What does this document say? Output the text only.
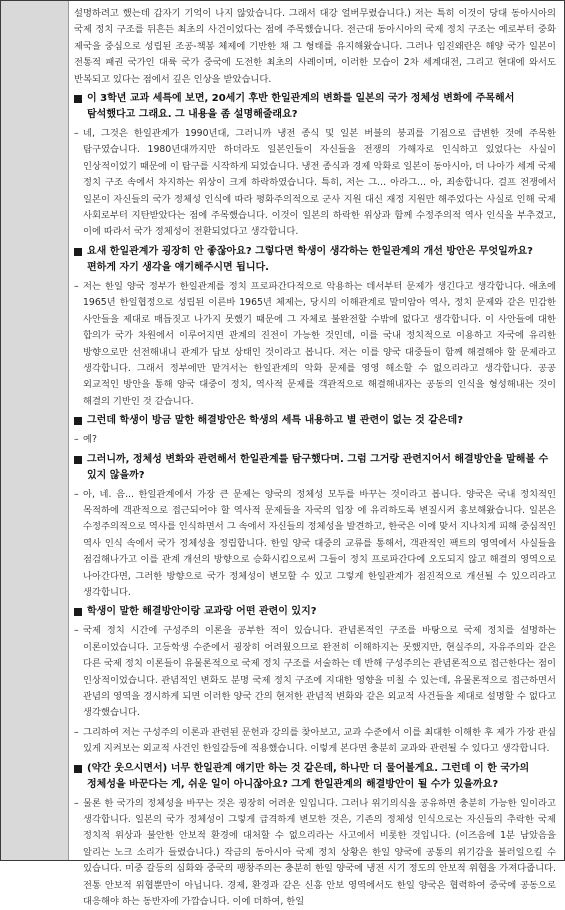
설명하려고 했는데 갑자기 기억이 나지 않았습니다. 그래서 대강 얼버무렸습니다.) 저는 특히 이것이 당대 동아시아의 국제 정치 구조를 뒤흔든 최초의 사건이었다는 점에 주목했습니다. 전근대 동아시아의 국제 정치 구조는 예로부터 중화 제국을 중심으로 성립된 조공-책봉 체제에 기반한 채 그 형태를 유지해왔습니다. 그러나 임진왜란은 해양 국가 일본이 전통적 패권 국가인 대륙 국가 중국에 도전한 최초의 사례이며, 이러한 모습이 2차 세계대전, 그리고 현대에 와서도 반복되고 있다는 점에서 깊은 인상을 받았습니다.

이 3학년 교과 세특에 보면, 20세기 후반 한일관계의 변화를 일본의 국가 정체성 변화에 주목해서 탐석했다고 그래요. 그 내용을 좀 설명해줄래요?
– 네, 그것은 한일관계가 1990년대, 그러니까 냉전 종식 및 일본 버블의 붕괴를 기점으로 급변한 것에 주목한 탐구였습니다. 1980년대까지만 하더라도 일본인들이 자신들을 전쟁의 가해자로 인식하고 있었다는 사실이 인상적이었기 때문에 이 탐구를 시작하게 되었습니다. 냉전 종식과 경제 악화로 일본이 동아시아, 더 나아가 세계 국제 정치 구조 속에서 차지하는 위상이 크게 하락하였습니다. 특히, 저는 그... 아라그... 아, 죄송합니다. 걸프 전쟁에서 일본이 자신들의 국가 정체성 인식에 따라 평화주의적으로 군사 지원 대신 재정 지원만 해주었다는 사실로 인해 국제 사회로부터 지탄받았다는 점에 주목했습니다. 이것이 일본의 하락한 위상과 함께 수정주의적 역사 인식을 부추겼고, 이에 따라서 국가 정체성이 전환되었다고 생각합니다.
요새 한일관계가 굉장히 안 좋잖아요? 그렇다면 학생이 생각하는 한일관계의 개선 방안은 무엇일까요? 편하게 자기 생각을 얘기해주시면 됩니다.
– 저는 한일 양국 정부가 한일관계를 정치 프로파간다적으로 악용하는 데서부터 문제가 생긴다고 생각합니다. 애초에 1965년 한일협정으로 성립된 이른바 1965년 체제는, 당시의 이해관계로 말미암아 역사, 정치 문제와 같은 민감한 사안들을 제대로 매듭짓고 나가지 못했기 때문에 그 자체로 불완전할 수밖에 없다고 생각합니다. 이 사안들에 대한 합의가 국가 차원에서 이루어지면 관계의 진전이 가능한 것인데, 이를 국내 정치적으로 이용하고 자국에 유리한 방향으로만 선전해내니 관계가 답보 상태인 것이라고 봅니다. 저는 이를 양국 대중들이 함께 해결해야 할 문제라고 생각합니다. 그래서 정부에만 맡겨서는 한일관계의 악화 문제를 영영 해소할 수 없으리라고 생각합니다. 공공 외교적인 방안을 통해 양국 대중이 정치, 역사적 문제를 객관적으로 해결해내자는 공동의 인식을 형성해내는 것이 해결의 기반인 것 같습니다.
그런데 학생이 방금 말한 해결방안은 학생의 세특 내용하고 별 관련이 없는 것 같은데?
– 예?
그러니까, 정체성 변화와 관련해서 한일관계를 탐구했다며. 그럼 그거랑 관련지어서 해결방안을 말해볼 수 있지 않을까?
– 아, 네. 음... 한일관계에서 가장 큰 문제는 양국의 정체성 모두를 바꾸는 것이라고 봅니다. 양국은 국내 정치적인 목적하에 객관적으로 접근되어야 할 역사적 문제들을 자국의 입장 에 유리하도록 변질시켜 홍보해왔습니다. 일본은 수정주의적으로 역사를 인식하면서 그 속에서 자신들의 정체성을 발견하고, 한국은 이에 맞서 지나치게 피해 중심적인 역사 인식 속에서 국가 정체성을 정립합니다. 한일 양국 대중의 교류를 통해서, 객관적인 팩트의 영역에서 사실들을 점검해나가고 이를 관계 개선의 방향으로 승화시킴으로써 그들이 정치 프로파간다에 오도되지 않고 해결의 영역으로 나아간다면, 그러한 방향으로 국가 정체성이 변모할 수 있고 그렇게 한일관계가 점진적으로 개선될 수 있으리라고 생각합니다.
학생이 말한 해결방안이랑 교과랑 어떤 관련이 있지?
– 국제 정치 시간에 구성주의 이론을 공부한 적이 있습니다. 관념론적인 구조를 바탕으로 국제 정치를 설명하는 이론이었습니다. 고등학생 수준에서 굉장히 어려웠으므로 완전히 이해하지는 못했지만, 현실주의, 자유주의와 같은 다른 국제 정치 이론들이 유물론적으로 국제 정치 구조를 서술하는 데 반해 구성주의는 관념론적으로 접근한다는 점이 인상적이었습니다. 관념적인 변화도 분명 국제 정치 구조에 지대한 영향을 미칠 수 있는데, 유물론적으로 접근하면서 관념의 영역을 경시하게 되면 이러한 양국 간의 현저한 관념적 변화와 같은 외교적 사건들을 제대로 설명할 수 없다고 생각했습니다.
– 그리하여 저는 구성주의 이론과 관련된 문헌과 강의를 찾아보고, 교과 수준에서 이를 최대한 이해한 후 제가 가장 관심 있게 지켜보는 외교적 사건인 한일갈등에 적용했습니다. 이렇게 본다면 충분히 교과와 관련될 수 있다고 생각합니다.
(약간 웃으시면서) 너무 한일관계 얘기만 하는 것 같은데, 하나만 더 물어볼게요. 그런데 이 한 국가의 정체성을 바꾼다는 게, 쉬운 일이 아니잖아요? 그게 한일관계의 해결방안이 될 수가 있을까요?
– 물론 한 국가의 정체성을 바꾸는 것은 굉장히 어려운 일입니다. 그러나 위기의식을 공유하면 충분히 가능한 일이라고 생각합니다. 일본의 국가 정체성이 그렇게 급격하게 변모한 것은, 기존의 정체성 인식으로는 자신들의 추락한 국제 정치적 위상과 불안한 안보적 환경에 대처할 수 없으리라는 사고에서 비롯한 것입니다. (이즈음에 1분 남았음을 알리는 노크 소리가 들렸습니다.) 작금의 동아시아 국제 정치 상황은 한일 양국에 공통의 위기감을 불러일으킬 수 있습니다. 미중 갈등의 심화와 중국의 팽창주의는 충분히 한일 양국에 냉전 시기 정도의 안보적 위협을 가져다줍니다. 전통 안보적 위협뿐만이 아닙니다. 경제, 환경과 같은 신흥 안보 영역에서도 한일 양국은 협력하여 중국에 공동으로 대응해야 하는 동반자에 가깝습니다. 이에 더하여, 한일
